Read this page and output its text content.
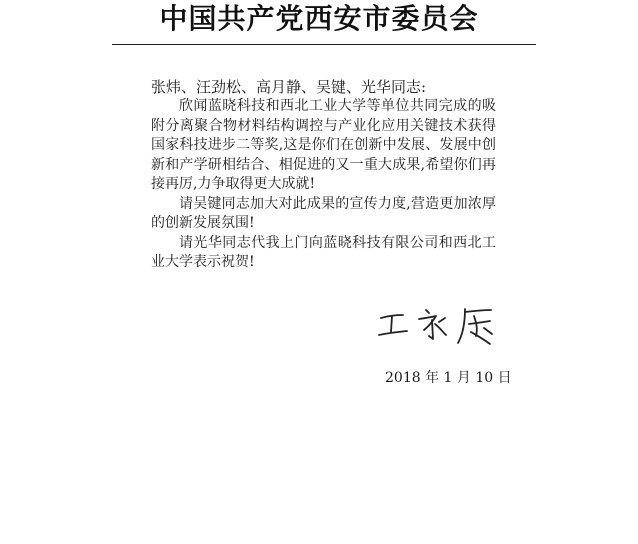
中国共产党西安市委员会
张炜、汪劲松、高月静、吴键、光华同志:

欣闻蓝晓科技和西北工业大学等单位共同完成的吸附分离聚合物材料结构调控与产业化应用关键技术获得国家科技进步二等奖,这是你们在创新中发展、发展中创新和产学研相结合、相促进的又一重大成果,希望你们再接再厉,力争取得更大成就!

请吴键同志加大对此成果的宣传力度,营造更加浓厚的创新发展氛围!

请光华同志代我上门向蓝晓科技有限公司和西北工业大学表示祝贺!

2018 年 1 月 10 日
